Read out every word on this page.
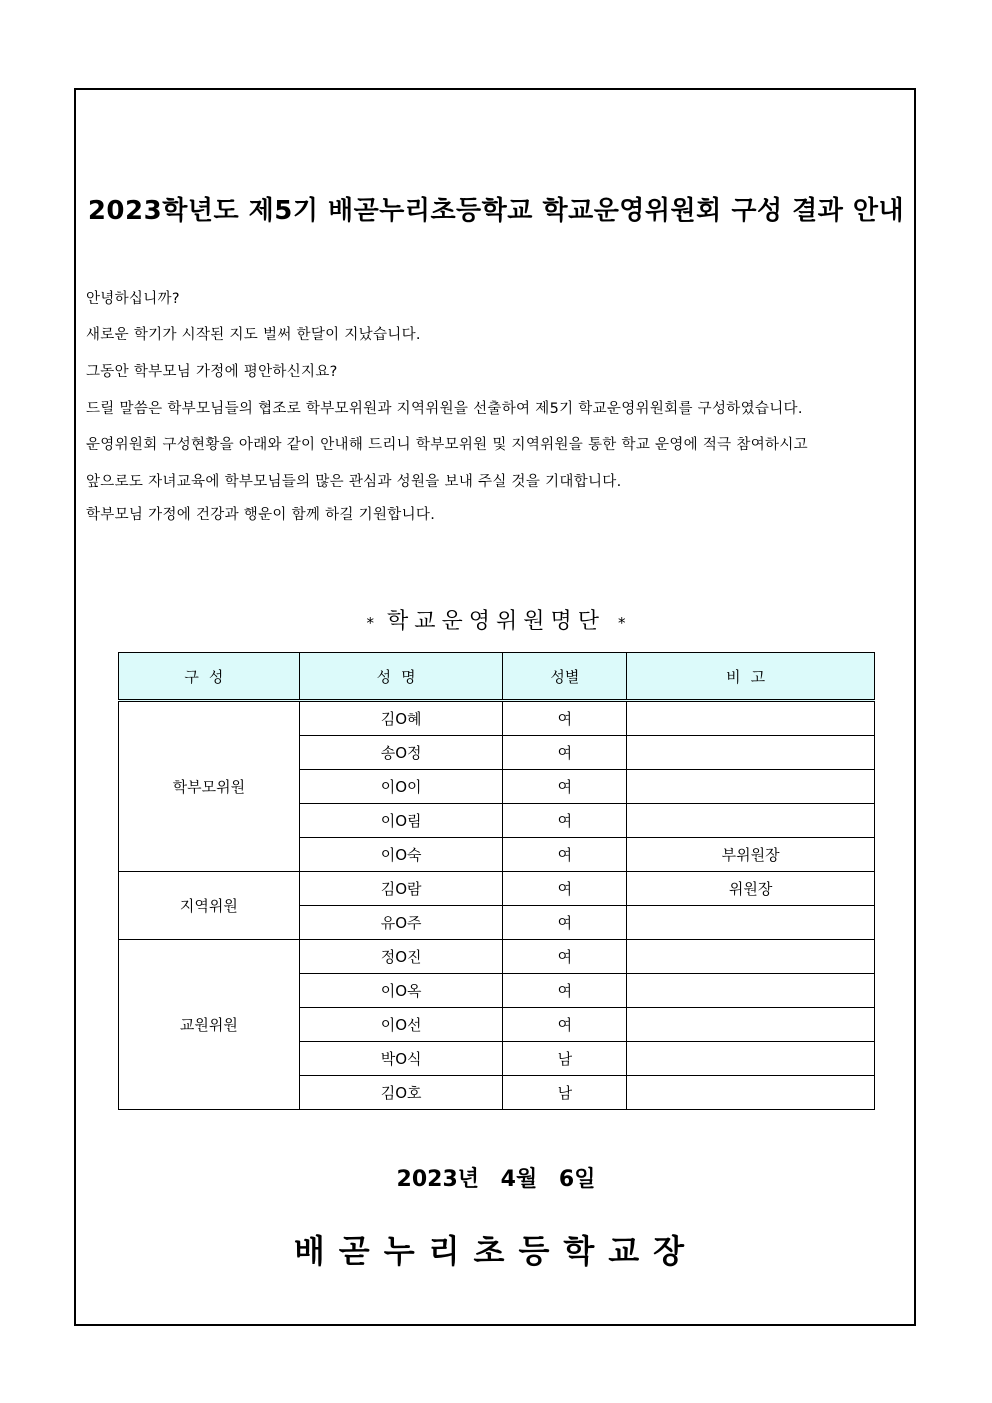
2023학년도 제5기 배곧누리초등학교 학교운영위원회 구성 결과 안내
안녕하십니까?
새로운 학기가 시작된 지도 벌써 한달이 지났습니다.
그동안 학부모님 가정에 평안하신지요?
드릴 말씀은 학부모님들의 협조로 학부모위원과 지역위원을 선출하여 제5기 학교운영위원회를 구성하였습니다.
운영위원회 구성현황을 아래와 같이 안내해 드리니 학부모위원 및 지역위원을 통한 학교 운영에 적극 참여하시고
앞으로도 자녀교육에 학부모님들의 많은 관심과 성원을 보내 주실 것을 기대합니다.
학부모님 가정에 건강과 행운이 함께 하길 기원합니다.
* 학교운영위원명단 *
구성	성명	성별	비고
학부모위원	김O혜	여	
	송O정	여	
	이O이	여	
	이O림	여	
	이O숙	여	부위원장
지역위원	김O람	여	위원장
	유O주	여	
교원위원	정O진	여	
	이O옥	여	
	이O선	여	
	박O식	남	
	김O호	남	
2023년 4월 6일
배곧누리초등학교장
